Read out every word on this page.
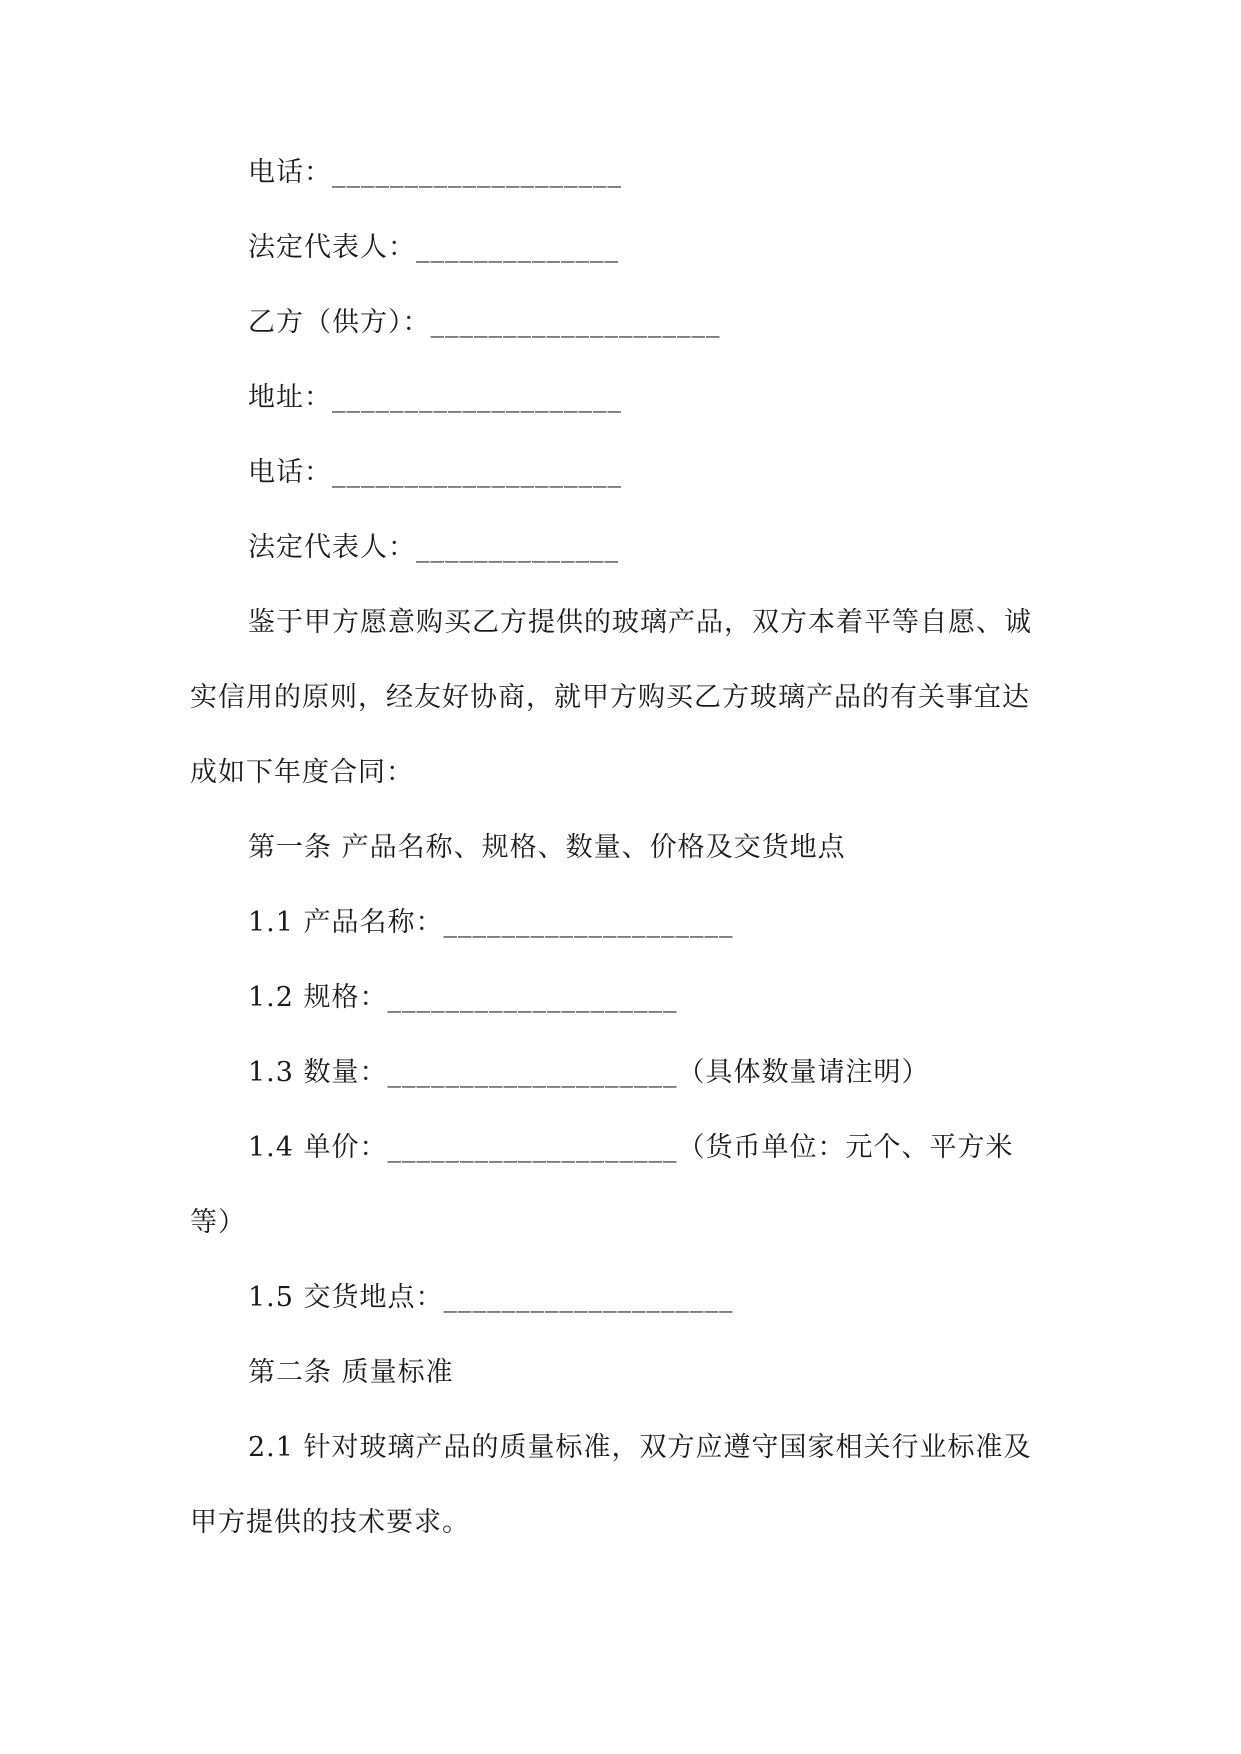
电话：____________________
法定代表人：______________
乙方（供方）：____________________
地址：____________________
电话：____________________
法定代表人：______________
鉴于甲方愿意购买乙方提供的玻璃产品，双方本着平等自愿、诚
实信用的原则，经友好协商，就甲方购买乙方玻璃产品的有关事宜达
成如下年度合同：
第一条 产品名称、规格、数量、价格及交货地点
1.1 产品名称：____________________
1.2 规格：____________________
1.3 数量：____________________（具体数量请注明）
1.4 单价：____________________（货币单位：元个、平方米
等）
1.5 交货地点：____________________
第二条 质量标准
2.1 针对玻璃产品的质量标准，双方应遵守国家相关行业标准及
甲方提供的技术要求。
